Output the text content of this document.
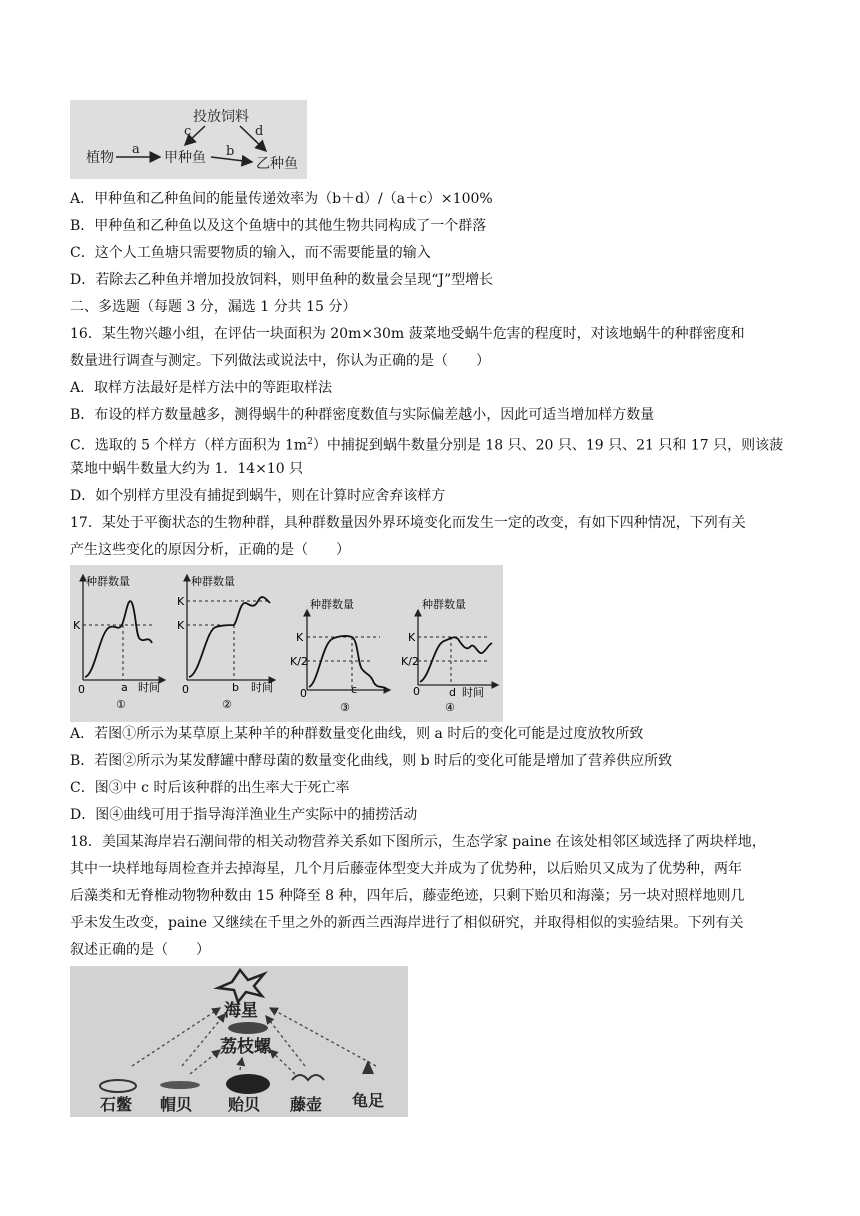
投放饲料
植物	甲种鱼	乙种鱼
a	b
c	d
A．甲种鱼和乙种鱼间的能量传递效率为（b＋d）/（a＋c）×100%
B．甲种鱼和乙种鱼以及这个鱼塘中的其他生物共同构成了一个群落
C．这个人工鱼塘只需要物质的输入，而不需要能量的输入
D．若除去乙种鱼并增加投放饲料，则甲鱼种的数量会呈现“J”型增长
二、多选题（每题 3 分，漏选 1 分共 15 分）
16．某生物兴趣小组，在评估一块面积为 20m×30m 菠菜地受蜗牛危害的程度时，对该地蜗牛的种群密度和
数量进行调查与测定。下列做法或说法中，你认为正确的是（　　）
A．取样方法最好是样方法中的等距取样法
B．布设的样方数量越多，测得蜗牛的种群密度数值与实际偏差越小，因此可适当增加样方数量
C．选取的 5 个样方（样方面积为 $1m^2$）中捕捉到蜗牛数量分别是 18 只、20 只、19 只、21 只和 17 只，则该菠
菜地中蜗牛数量大约为 1．14×10 只
D．如个别样方里没有捕捉到蜗牛，则在计算时应舍弃该样方
17．某处于平衡状态的生物种群，具种群数量因外界环境变化而发生一定的改变，有如下四种情况，下列有关
产生这些变化的原因分析，正确的是（　　）
种群数量
K
0	a 时间
①
种群数量
K
K
0	b 时间
②
种群数量
K
K/2
0	c
③
种群数量
K
K/2
0	d 时间
④
A．若图①所示为某草原上某种羊的种群数量变化曲线，则 a 时后的变化可能是过度放牧所致
B．若图②所示为某发酵罐中酵母菌的数量变化曲线，则 b 时后的变化可能是增加了营养供应所致
C．图③中 c 时后该种群的出生率大于死亡率
D．图④曲线可用于指导海洋渔业生产实际中的捕捞活动
18．美国某海岸岩石潮间带的相关动物营养关系如下图所示，生态学家 paine 在该处相邻区域选择了两块样地，
其中一块样地每周检查并去掉海星，几个月后藤壶体型变大并成为了优势种，以后贻贝又成为了优势种，两年
后藻类和无脊椎动物物种数由 15 种降至 8 种，四年后，藤壶绝迹，只剩下贻贝和海藻；另一块对照样地则几
乎未发生改变，paine 又继续在千里之外的新西兰西海岸进行了相似研究，并取得相似的实验结果。下列有关
叙述正确的是（　　）
海星
荔枝螺
石鳖 帽贝 贻贝 藤壶 龟足
